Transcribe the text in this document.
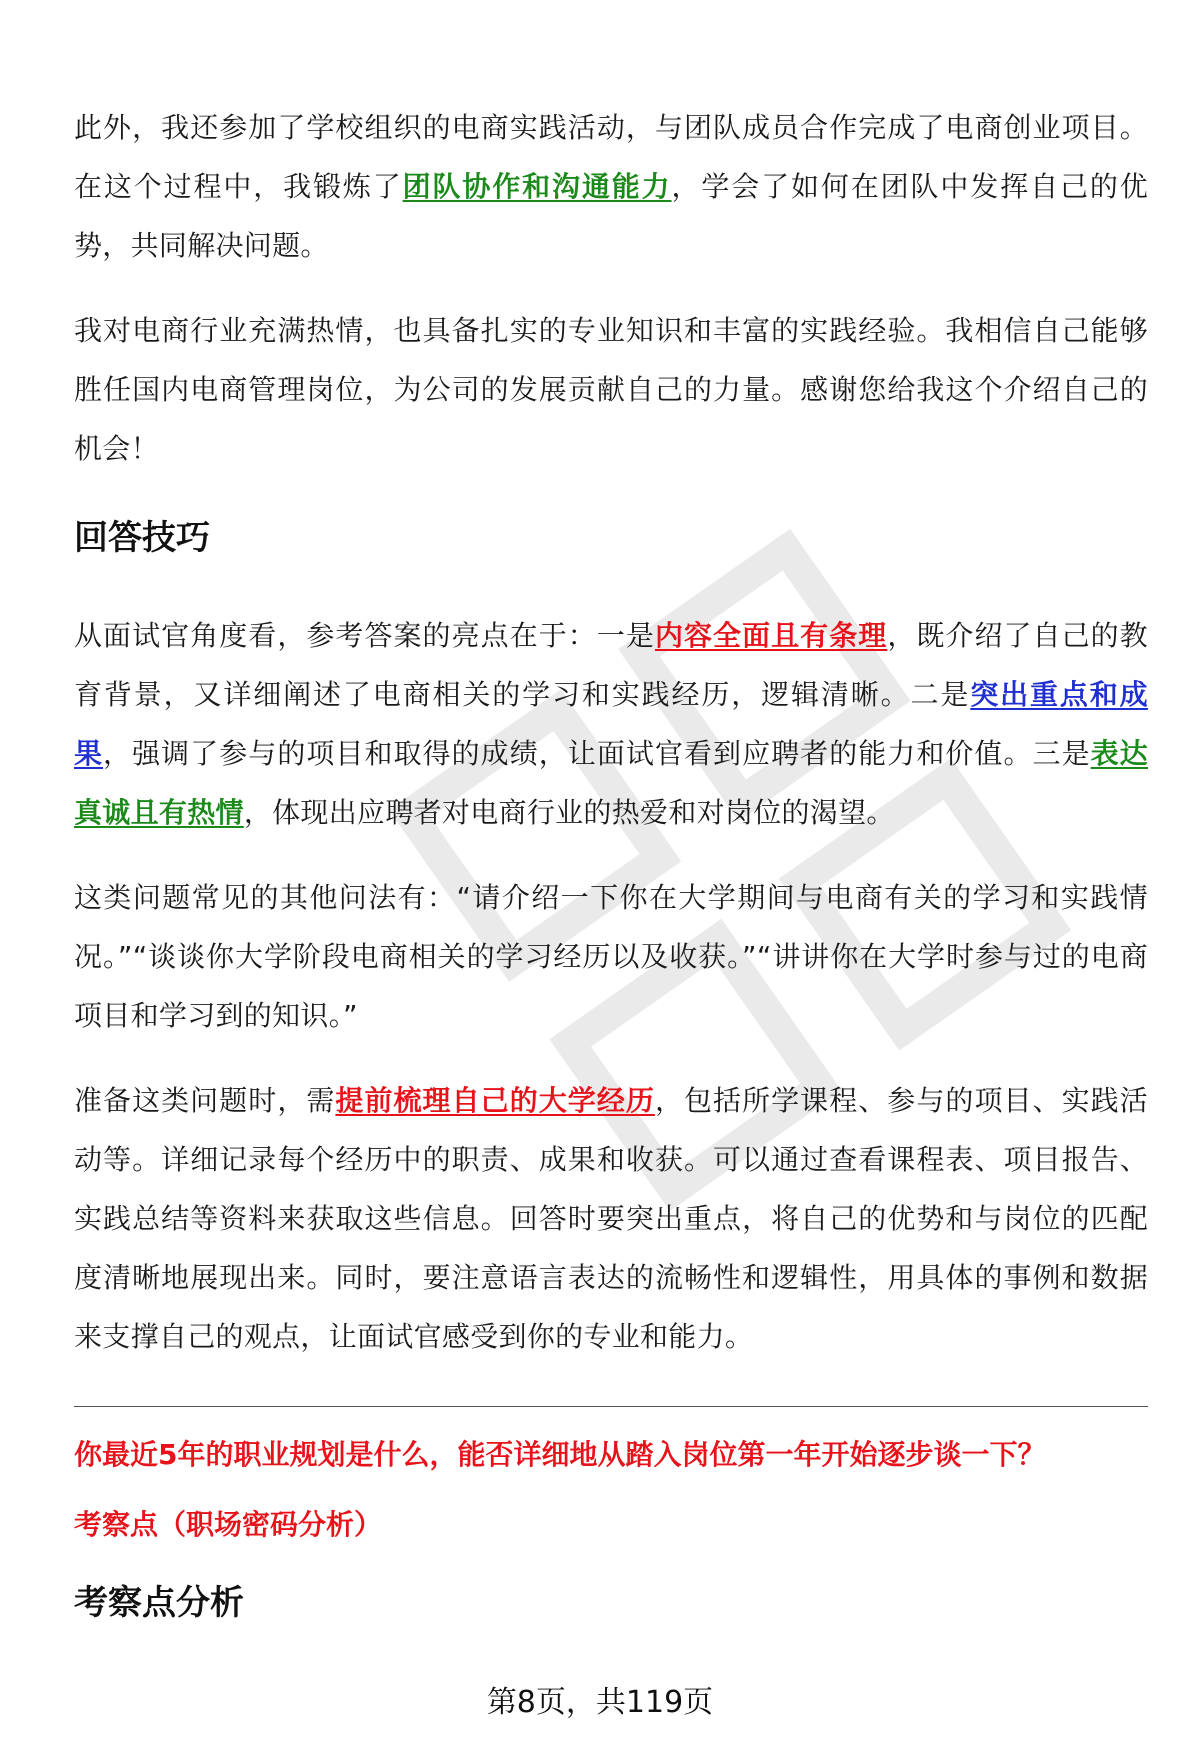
此外，我还参加了学校组织的电商实践活动，与团队成员合作完成了电商创业项目。在这个过程中，我锻炼了团队协作和沟通能力，学会了如何在团队中发挥自己的优势，共同解决问题。

我对电商行业充满热情，也具备扎实的专业知识和丰富的实践经验。我相信自己能够胜任国内电商管理岗位，为公司的发展贡献自己的力量。感谢您给我这个介绍自己的机会！

回答技巧

从面试官角度看，参考答案的亮点在于：一是内容全面且有条理，既介绍了自己的教育背景，又详细阐述了电商相关的学习和实践经历，逻辑清晰。二是突出重点和成果，强调了参与的项目和取得的成绩，让面试官看到应聘者的能力和价值。三是表达真诚且有热情，体现出应聘者对电商行业的热爱和对岗位的渴望。

这类问题常见的其他问法有：“请介绍一下你在大学期间与电商有关的学习和实践情况。”“谈谈你大学阶段电商相关的学习经历以及收获。”“讲讲你在大学时参与过的电商项目和学习到的知识。”

准备这类问题时，需提前梳理自己的大学经历，包括所学课程、参与的项目、实践活动等。详细记录每个经历中的职责、成果和收获。可以通过查看课程表、项目报告、实践总结等资料来获取这些信息。回答时要突出重点，将自己的优势和与岗位的匹配度清晰地展现出来。同时，要注意语言表达的流畅性和逻辑性，用具体的事例和数据来支撑自己的观点，让面试官感受到你的专业和能力。

你最近5年的职业规划是什么，能否详细地从踏入岗位第一年开始逐步谈一下？
考察点（职场密码分析）
考察点分析
第8页，共119页
